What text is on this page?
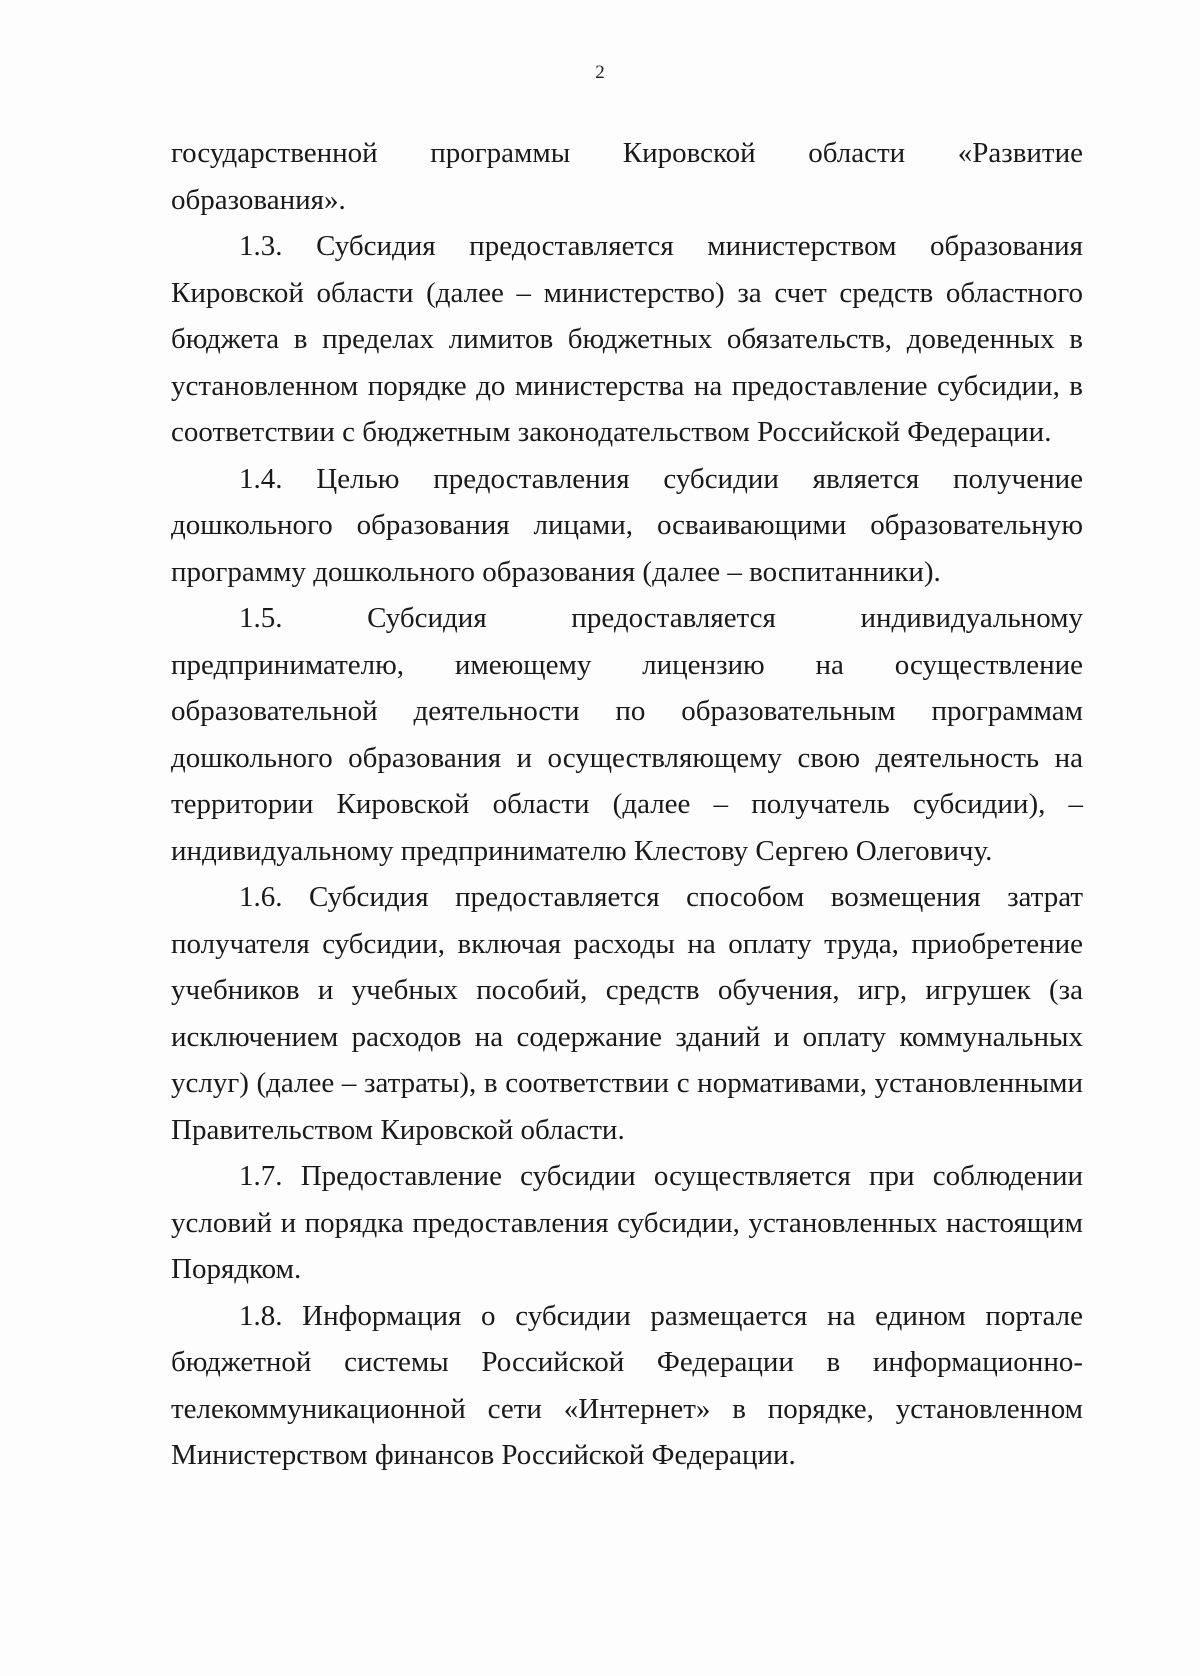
2

государственной программы Кировской области «Развитие образования».

1.3. Субсидия предоставляется министерством образования Кировской области (далее – министерство) за счет средств областного бюджета в пределах лимитов бюджетных обязательств, доведенных в установленном порядке до министерства на предоставление субсидии, в соответствии с бюджетным законодательством Российской Федерации.

1.4. Целью предоставления субсидии является получение дошкольного образования лицами, осваивающими образовательную программу дошкольного образования (далее – воспитанники).

1.5. Субсидия предоставляется индивидуальному предпринимателю, имеющему лицензию на осуществление образовательной деятельности по образовательным программам дошкольного образования и осуществляющему свою деятельность на территории Кировской области (далее – получатель субсидии), – индивидуальному предпринимателю Клестову Сергею Олеговичу.

1.6. Субсидия предоставляется способом возмещения затрат получателя субсидии, включая расходы на оплату труда, приобретение учебников и учебных пособий, средств обучения, игр, игрушек (за исключением расходов на содержание зданий и оплату коммунальных услуг) (далее – затраты), в соответствии с нормативами, установленными Правительством Кировской области.

1.7. Предоставление субсидии осуществляется при соблюдении условий и порядка предоставления субсидии, установленных настоящим Порядком.

1.8. Информация о субсидии размещается на едином портале бюджетной системы Российской Федерации в информационно-телекоммуникационной сети «Интернет» в порядке, установленном Министерством финансов Российской Федерации.
